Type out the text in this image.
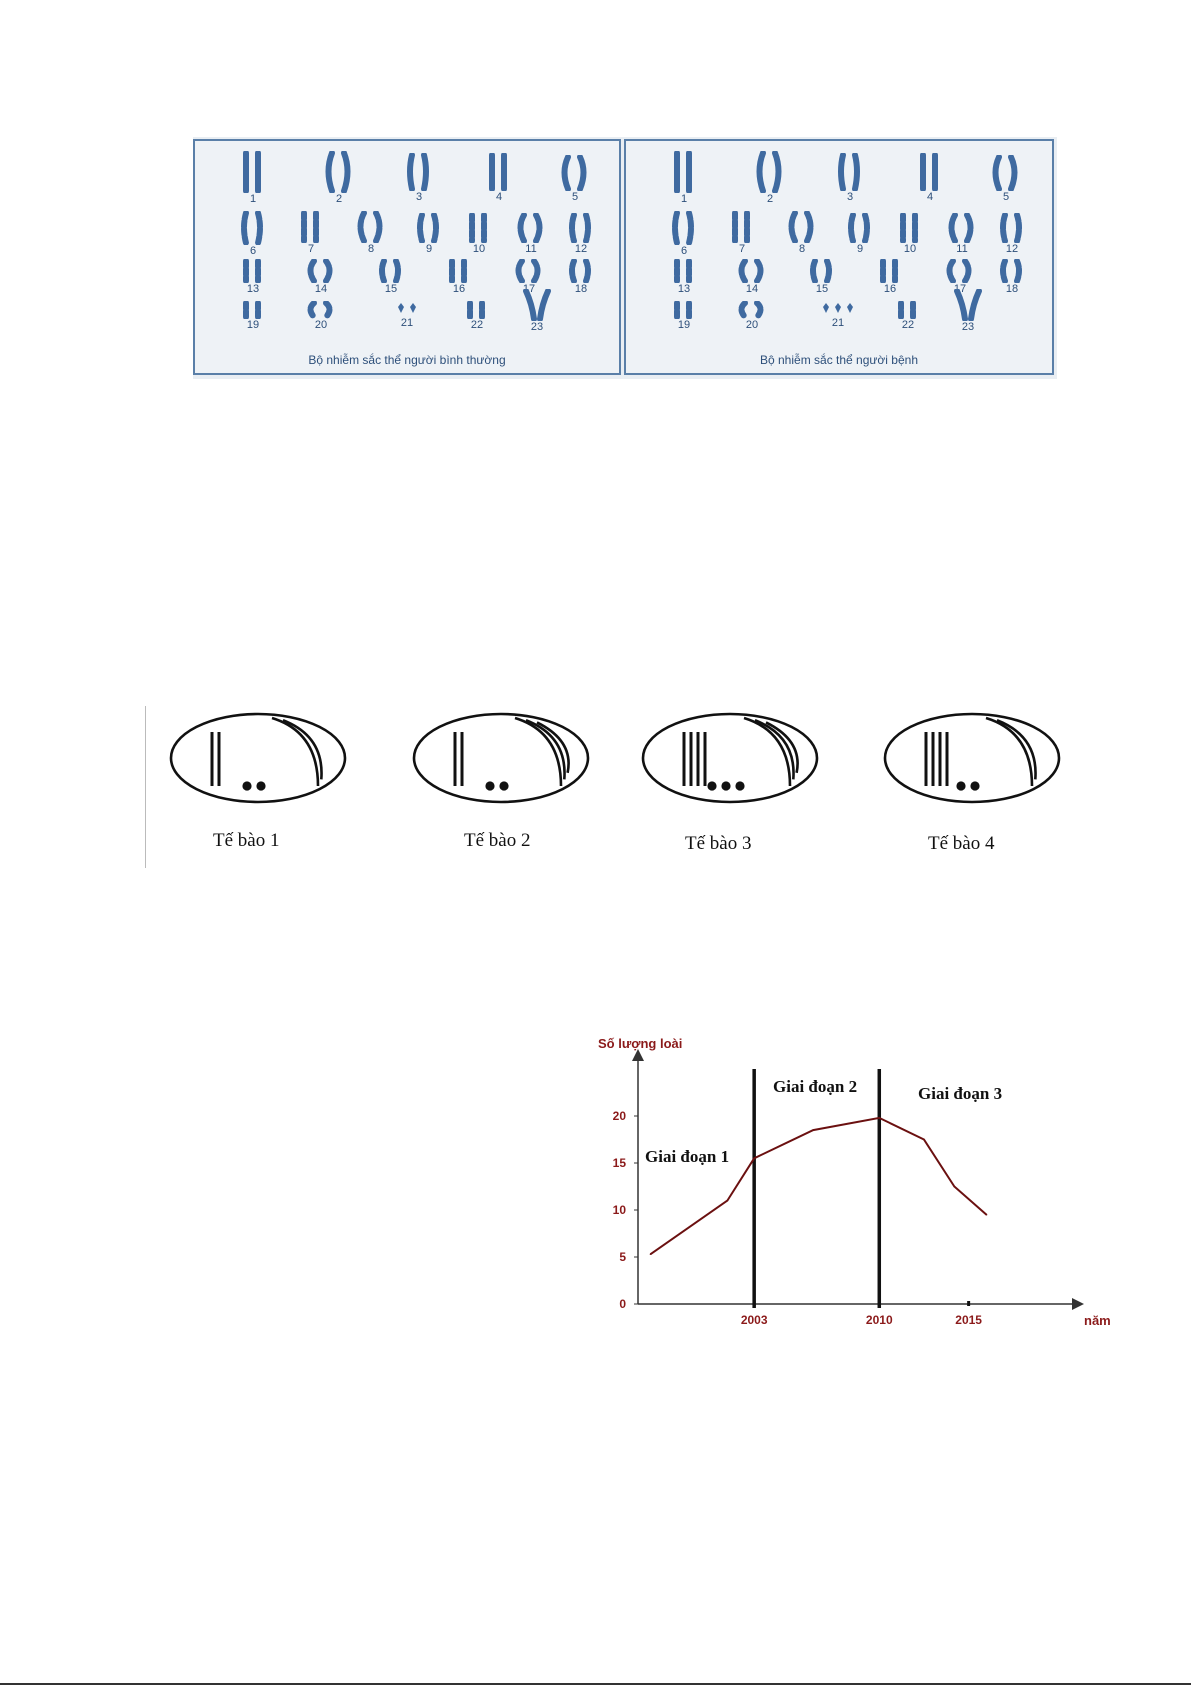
Bộ nhiễm sắc thể người bình thường
1	2	3	4	5
6	7	8	9	10	11	12
13	14	15	16	17	18
19	20	21	22	23
Bộ nhiễm sắc thể người bệnh
1	2	3	4	5
6	7	8	9	10	11	12
13	14	15	16	17	18
19	20	21	22	23
Tế bào 1	Tế bào 2	Tế bào 3	Tế bào 4
Số lượng loài
năm
0
5
10
15
20
2003	2010	2015
Giai đoạn 1
Giai đoạn 2	Giai đoạn 3
